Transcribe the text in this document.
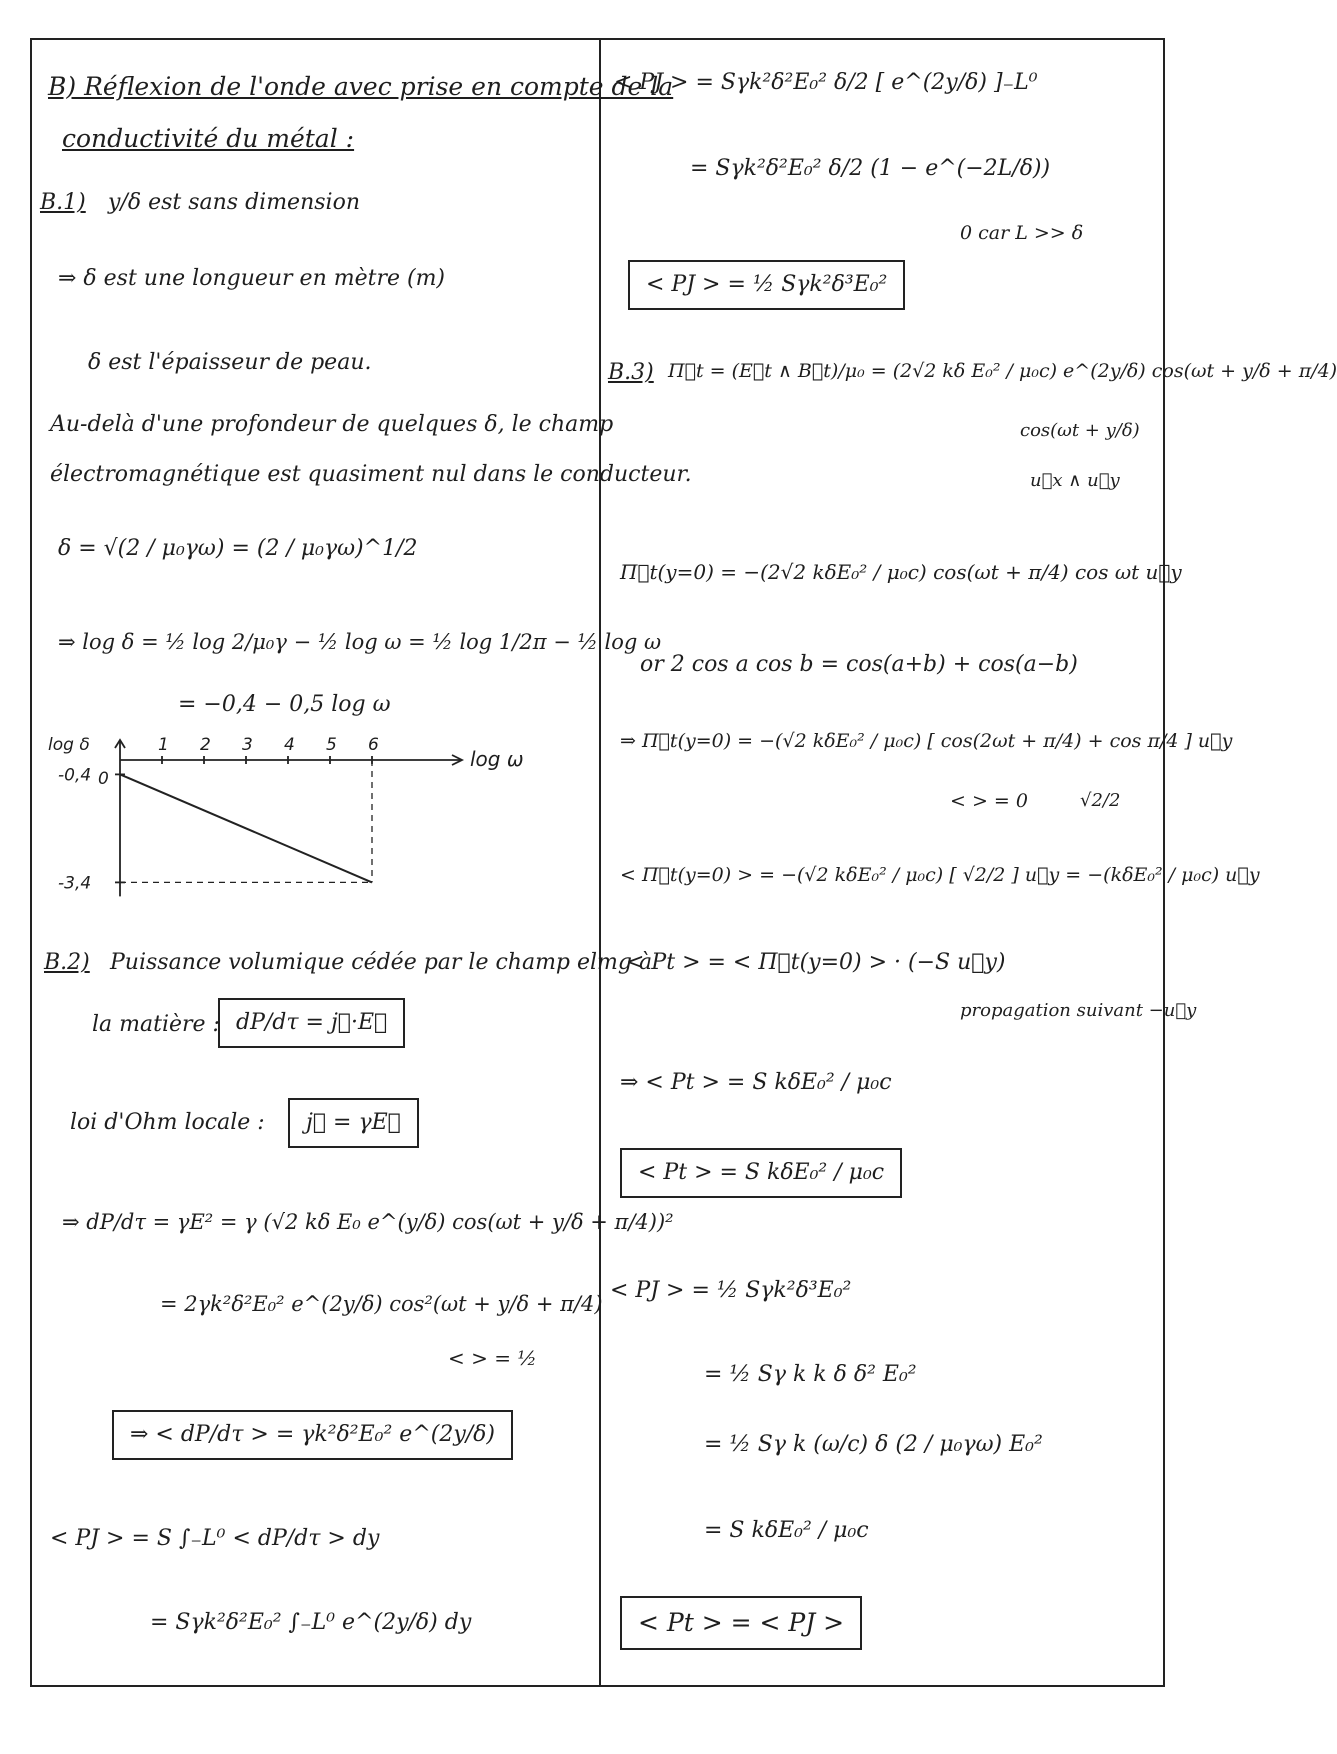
B) Réflexion de l'onde avec prise en compte de la
conductivité du métal :
B.1) y/δ est sans dimension
⇒ δ est une longueur en mètre (m)
δ est l'épaisseur de peau.
Au-delà d'une profondeur de quelques δ, le champ
électromagnétique est quasiment nul dans le conducteur.
δ = √(2 / μ₀γω) = (2 / μ₀γω)^1/2
⇒ log δ = ½ log 2/μ₀γ − ½ log ω = ½ log 1/2π − ½ log ω
= −0,4 − 0,5 log ω
1 2 3 4 5 6
log δ
log ω
0
-0,4
-3,4
B.2) Puissance volumique cédée par le champ elmg à
la matière : dP/dτ = j⃗·E⃗
loi d'Ohm locale :	j⃗ = γE⃗
⇒ dP/dτ = γE² = γ (√2 kδ E₀ e^(y/δ) cos(ωt + y/δ + π/4))²
= 2γk²δ²E₀² e^(2y/δ) cos²(ωt + y/δ + π/4)
< > = ½
⇒ < dP/dτ > = γk²δ²E₀² e^(2y/δ)
< PJ > = S ∫₋L⁰ < dP/dτ > dy
= Sγk²δ²E₀² ∫₋L⁰ e^(2y/δ) dy
< PJ > = Sγk²δ²E₀² δ/2 [ e^(2y/δ) ]₋L⁰
= Sγk²δ²E₀² δ/2 (1 − e^(−2L/δ))
0 car L >> δ
< PJ > = ½ Sγk²δ³E₀²
B.3) Π⃗t = (E⃗t ∧ B⃗t)/μ₀ = (2√2 kδ E₀² / μ₀c) e^(2y/δ) cos(ωt + y/δ + π/4)
cos(ωt + y/δ)
u⃗x ∧ u⃗y
Π⃗t(y=0) = −(2√2 kδE₀² / μ₀c) cos(ωt + π/4) cos ωt u⃗y
or 2 cos a cos b = cos(a+b) + cos(a−b)
⇒ Π⃗t(y=0) = −(√2 kδE₀² / μ₀c) [ cos(2ωt + π/4) + cos π/4 ] u⃗y
< > = 0	√2/2
< Π⃗t(y=0) > = −(√2 kδE₀² / μ₀c) [ √2/2 ] u⃗y = −(kδE₀² / μ₀c) u⃗y
< Pt > = < Π⃗t(y=0) > · (−S u⃗y)
propagation suivant −u⃗y
⇒ < Pt > = S kδE₀² / μ₀c
< Pt > = S kδE₀² / μ₀c
< PJ > = ½ Sγk²δ³E₀²
= ½ Sγ k k δ δ² E₀²
= ½ Sγ k (ω/c) δ (2 / μ₀γω) E₀²
= S kδE₀² / μ₀c
< Pt > = < PJ >
